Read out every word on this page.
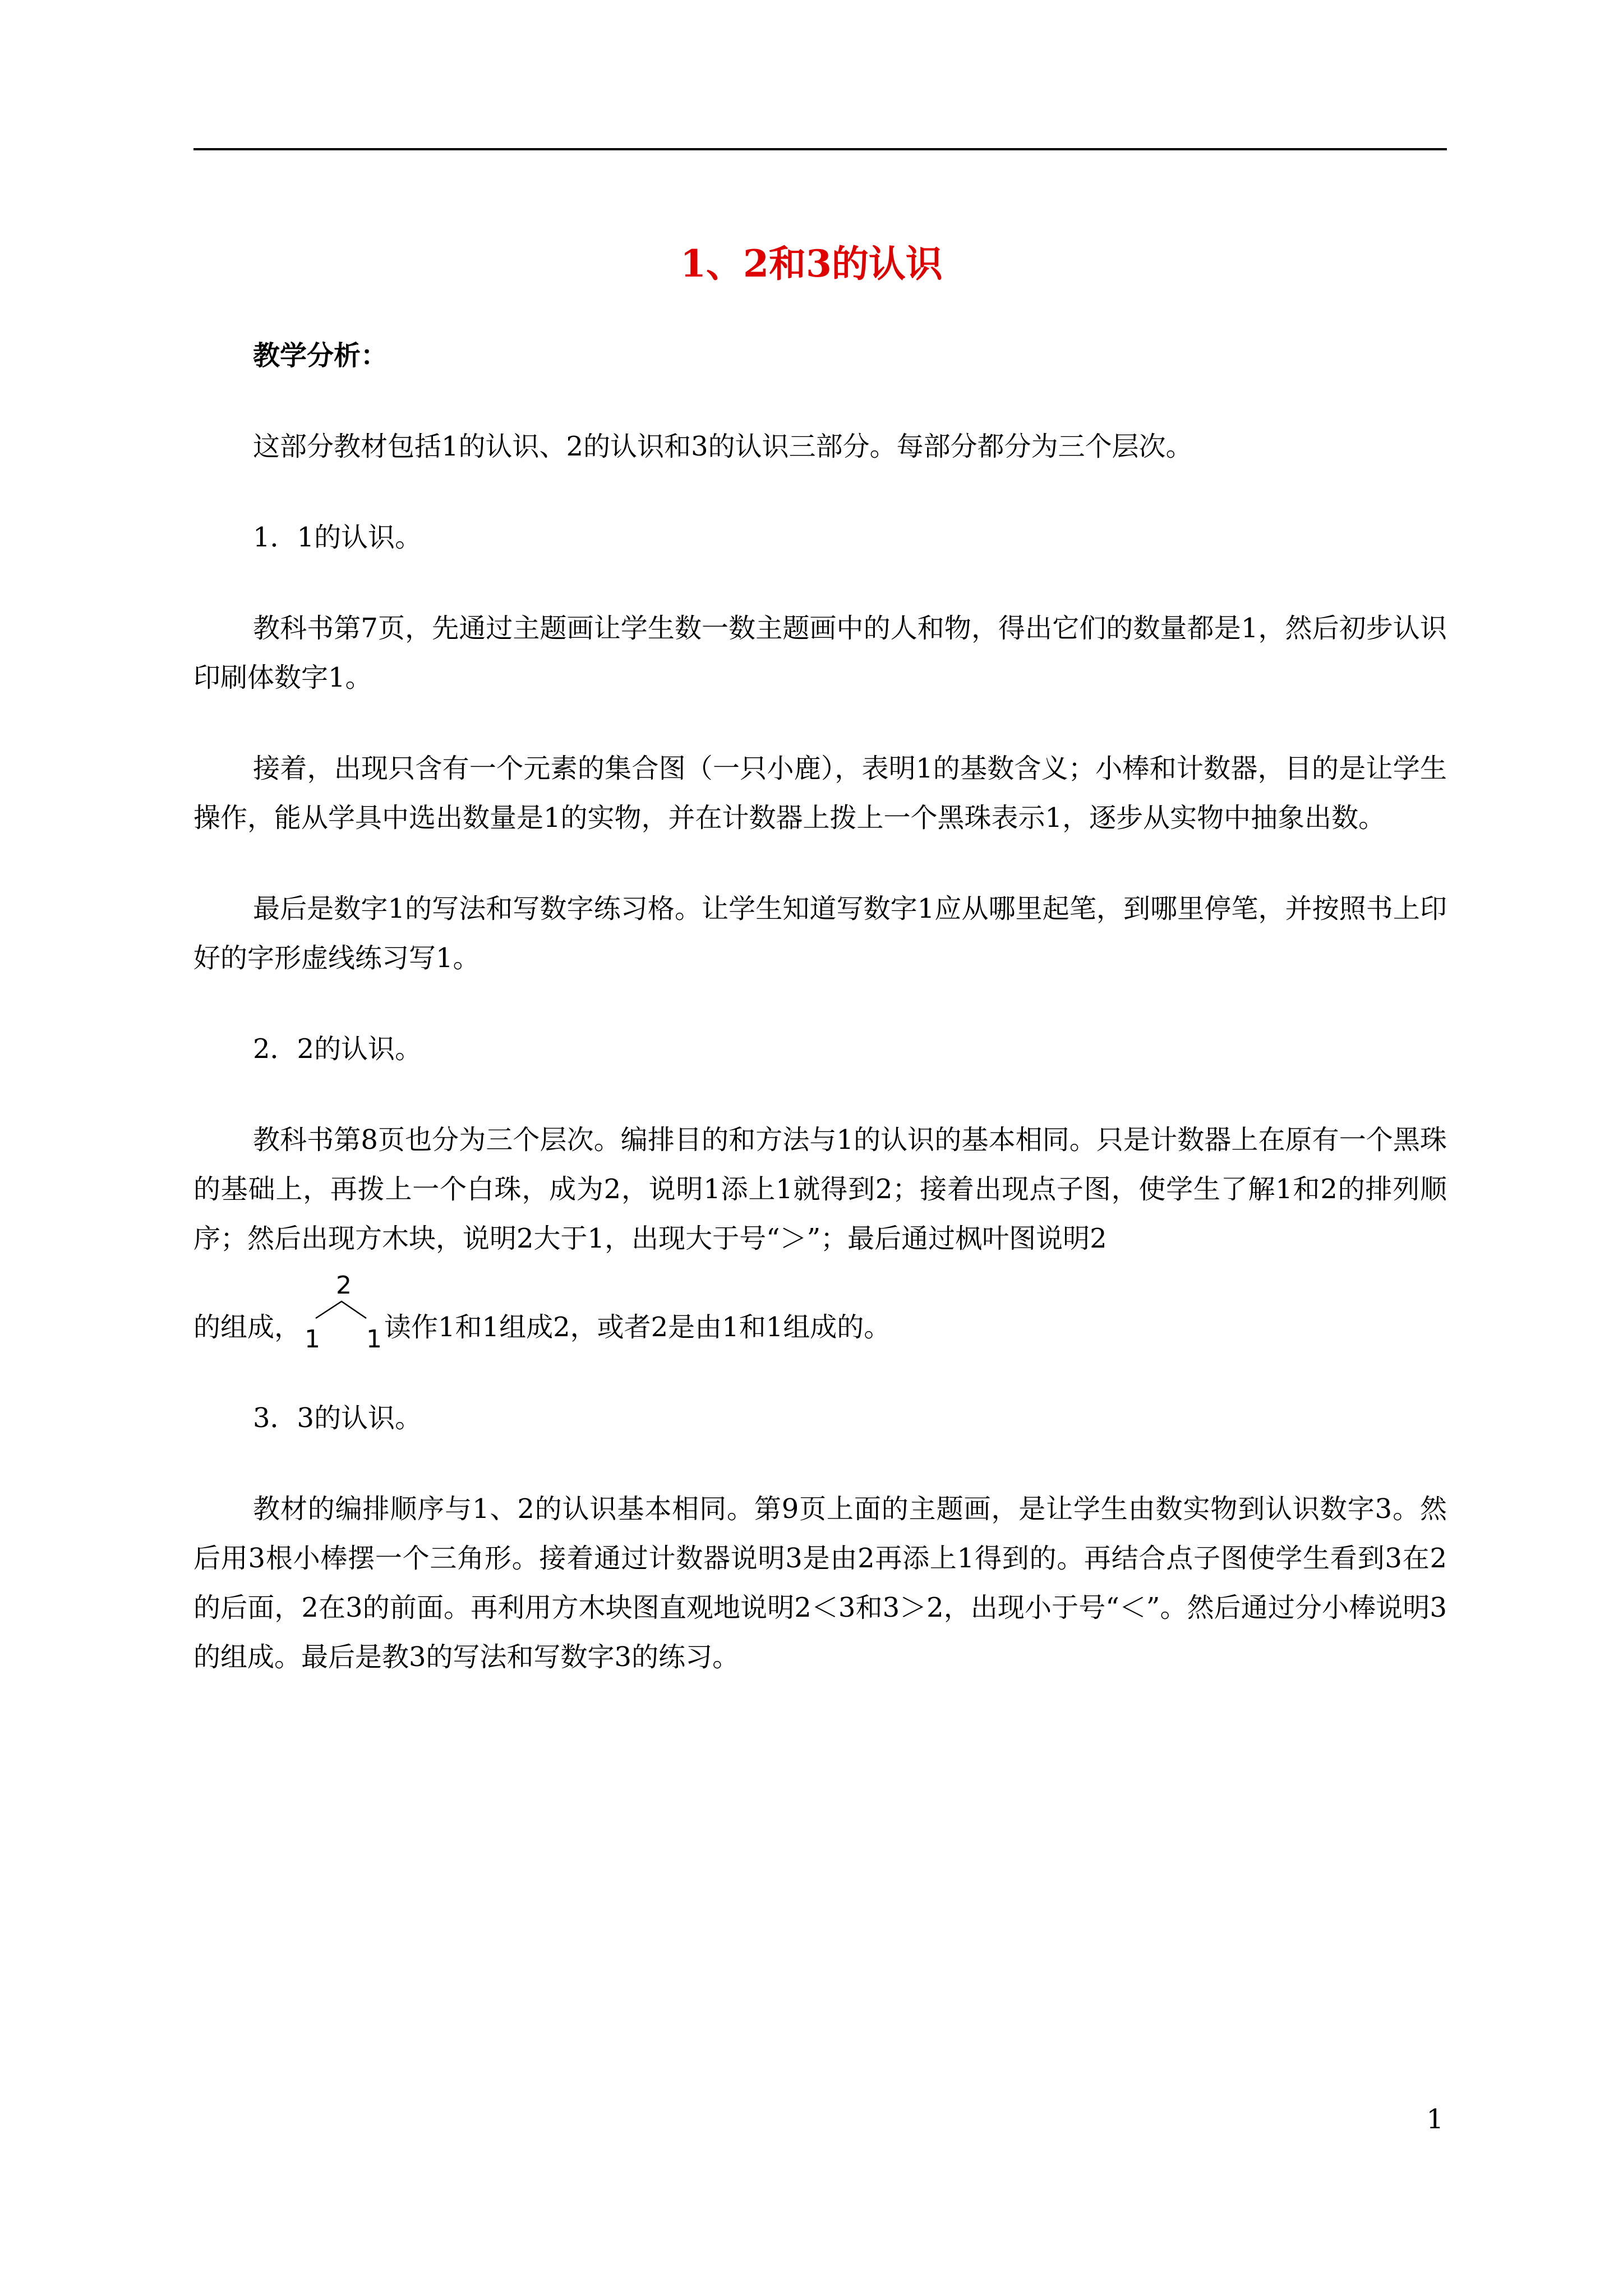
1、2和3的认识

教学分析：

这部分教材包括1的认识、2的认识和3的认识三部分。每部分都分为三个层次。

1．1的认识。

教科书第7页，先通过主题画让学生数一数主题画中的人和物，得出它们的数量都是1，然后初步认识印刷体数字1。

接着，出现只含有一个元素的集合图（一只小鹿），表明1的基数含义；小棒和计数器，目的是让学生操作，能从学具中选出数量是1的实物，并在计数器上拨上一个黑珠表示1，逐步从实物中抽象出数。

最后是数字1的写法和写数字练习格。让学生知道写数字1应从哪里起笔，到哪里停笔，并按照书上印好的字形虚线练习写1。

2．2的认识。

教科书第8页也分为三个层次。编排目的和方法与1的认识的基本相同。只是计数器上在原有一个黑珠的基础上，再拨上一个白珠，成为2，说明1添上1就得到2；接着出现点子图，使学生了解1和2的排列顺序；然后出现方木块，说明2大于1，出现大于号“＞”；最后通过枫叶图说明2

的组成，
2
1 1 读作1和1组成2，或者2是由1和1组成的。

3．3的认识。

教材的编排顺序与1、2的认识基本相同。第9页上面的主题画，是让学生由数实物到认识数字3。然后用3根小棒摆一个三角形。接着通过计数器说明3是由2再添上1得到的。再结合点子图使学生看到3在2的后面，2在3的前面。再利用方木块图直观地说明2＜3和3＞2，出现小于号“＜”。然后通过分小棒说明3的组成。最后是教3的写法和写数字3的练习。

1
